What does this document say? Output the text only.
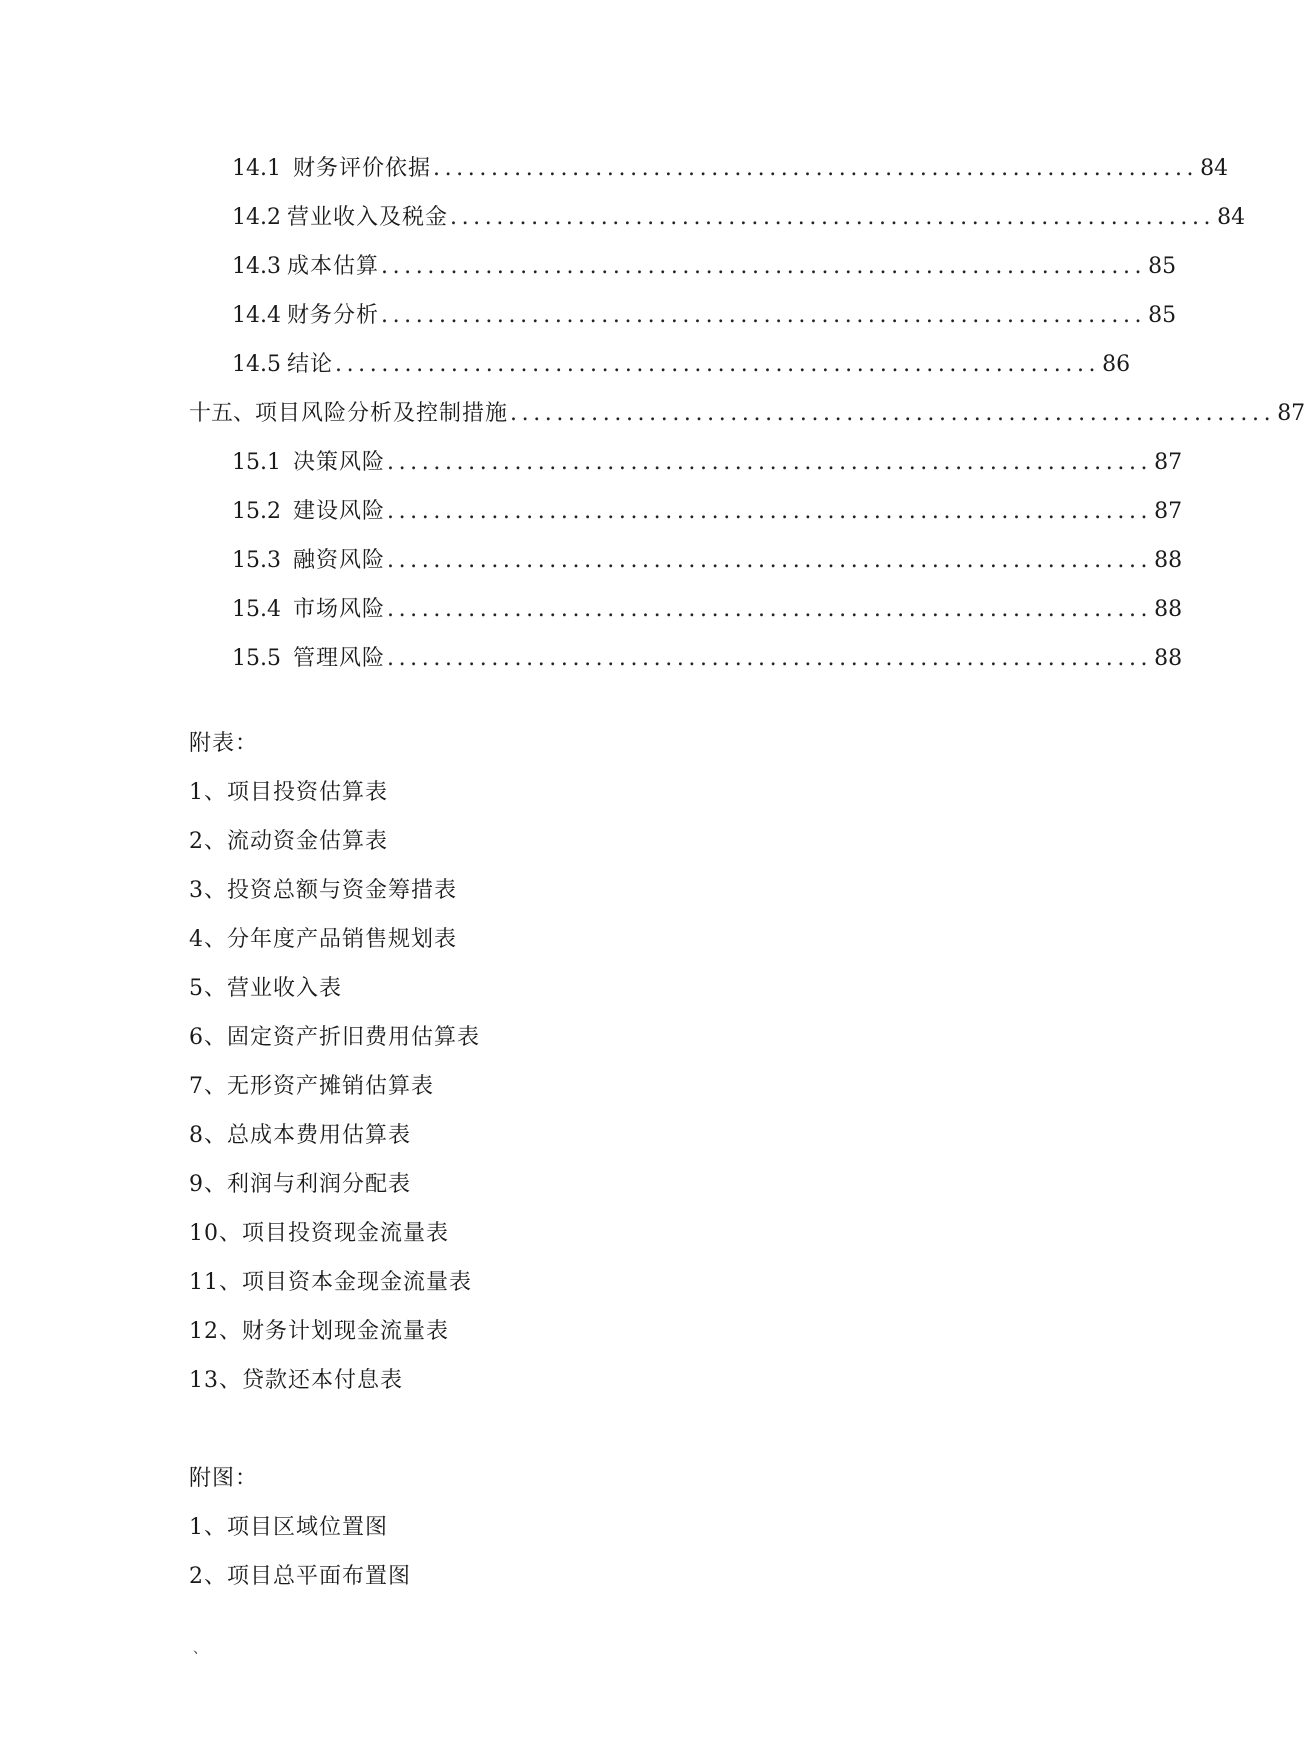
14.1 财务评价依据 .................................................................. 84
14.2 营业收入及税金 .................................................................. 84
14.3 成本估算 .................................................................. 85
14.4 财务分析 .................................................................. 85
14.5 结论 .................................................................. 86
十五、 项目风险分析及控制措施 .................................................................. 87
15.1 决策风险 .................................................................. 87
15.2 建设风险 .................................................................. 87
15.3 融资风险 .................................................................. 88
15.4 市场风险 .................................................................. 88
15.5 管理风险 .................................................................. 88
附表：
1、项目投资估算表
2、流动资金估算表
3、投资总额与资金筹措表
4、分年度产品销售规划表
5、营业收入表
6、固定资产折旧费用估算表
7、无形资产摊销估算表
8、总成本费用估算表
9、利润与利润分配表
10、项目投资现金流量表
11、项目资本金现金流量表
12、财务计划现金流量表
13、贷款还本付息表
附图：
1、项目区域位置图
2、项目总平面布置图
、
